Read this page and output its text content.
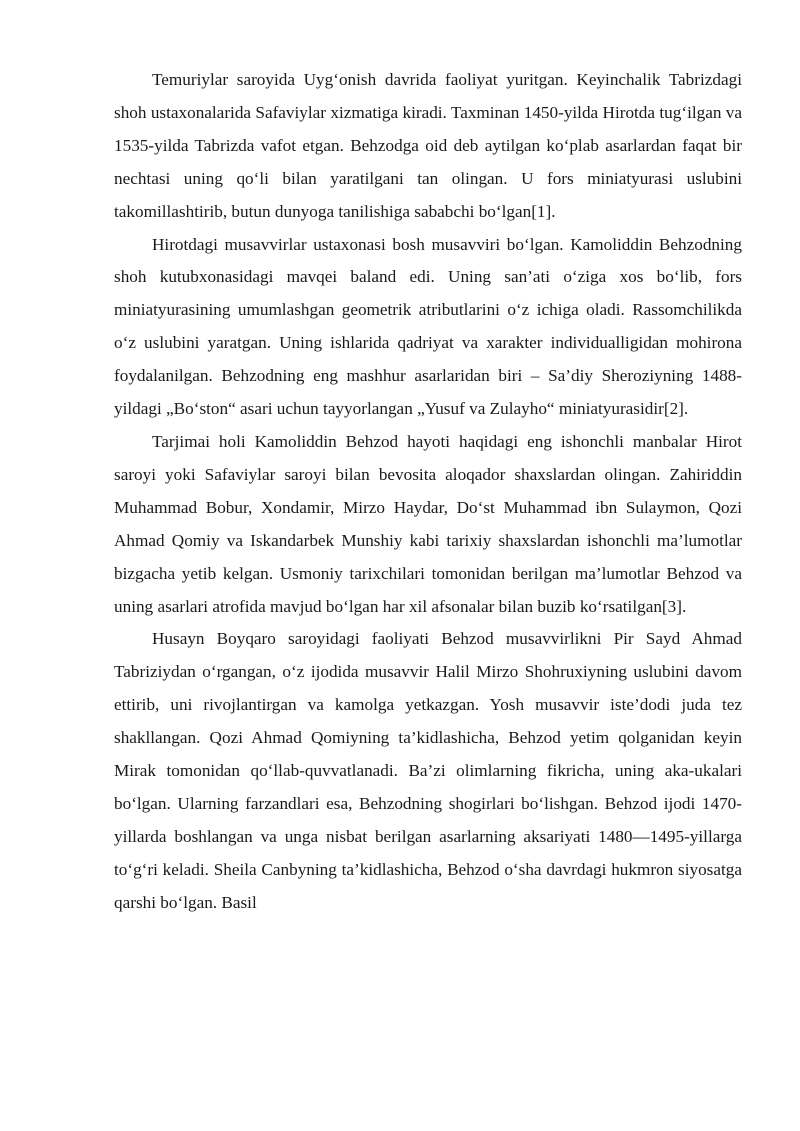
Temuriylar saroyida Uyg‘onish davrida faoliyat yuritgan. Keyinchalik Tabrizdagi shoh ustaxonalarida Safaviylar xizmatiga kiradi. Taxminan 1450-yilda Hirotda tug‘ilgan va 1535-yilda Tabrizda vafot etgan. Behzodga oid deb aytilgan ko‘plab asarlardan faqat bir nechtasi uning qo‘li bilan yaratilgani tan olingan. U fors miniatyurasi uslubini takomillashtirib, butun dunyoga tanilishiga sababchi bo‘lgan[1].

Hirotdagi musavvirlar ustaxonasi bosh musavviri bo‘lgan. Kamoliddin Behzodning shoh kutubxonasidagi mavqei baland edi. Uning san’ati o‘ziga xos bo‘lib, fors miniatyurasining umumlashgan geometrik atributlarini o‘z ichiga oladi. Rassomchilikda o‘z uslubini yaratgan. Uning ishlarida qadriyat va xarakter individualligidan mohirona foydalanilgan. Behzodning eng mashhur asarlaridan biri – Sa’diy Sheroziyning 1488-yildagi „Bo‘ston“ asari uchun tayyorlangan „Yusuf va Zulayho“ miniatyurasidir[2].

Tarjimai holi Kamoliddin Behzod hayoti haqidagi eng ishonchli manbalar Hirot saroyi yoki Safaviylar saroyi bilan bevosita aloqador shaxslardan olingan. Zahiriddin Muhammad Bobur, Xondamir, Mirzo Haydar, Do‘st Muhammad ibn Sulaymon, Qozi Ahmad Qomiy va Iskandarbek Munshiy kabi tarixiy shaxslardan ishonchli ma’lumotlar bizgacha yetib kelgan. Usmoniy tarixchilari tomonidan berilgan ma’lumotlar Behzod va uning asarlari atrofida mavjud bo‘lgan har xil afsonalar bilan buzib ko‘rsatilgan[3].

Husayn Boyqaro saroyidagi faoliyati Behzod musavvirlikni Pir Sayd Ahmad Tabriziydan o‘rgangan, o‘z ijodida musavvir Halil Mirzo Shohruxiyning uslubini davom ettirib, uni rivojlantirgan va kamolga yetkazgan. Yosh musavvir iste’dodi juda tez shakllangan. Qozi Ahmad Qomiyning ta’kidlashicha, Behzod yetim qolganidan keyin Mirak tomonidan qo‘llab-quvvatlanadi. Ba’zi olimlarning fikricha, uning aka-ukalari bo‘lgan. Ularning farzandlari esa, Behzodning shogirlari bo‘lishgan. Behzod ijodi 1470-yillarda boshlangan va unga nisbat berilgan asarlarning aksariyati 1480—1495-yillarga to‘g‘ri keladi. Sheila Canbyning ta’kidlashicha, Behzod o‘sha davrdagi hukmron siyosatga qarshi bo‘lgan. Basil
